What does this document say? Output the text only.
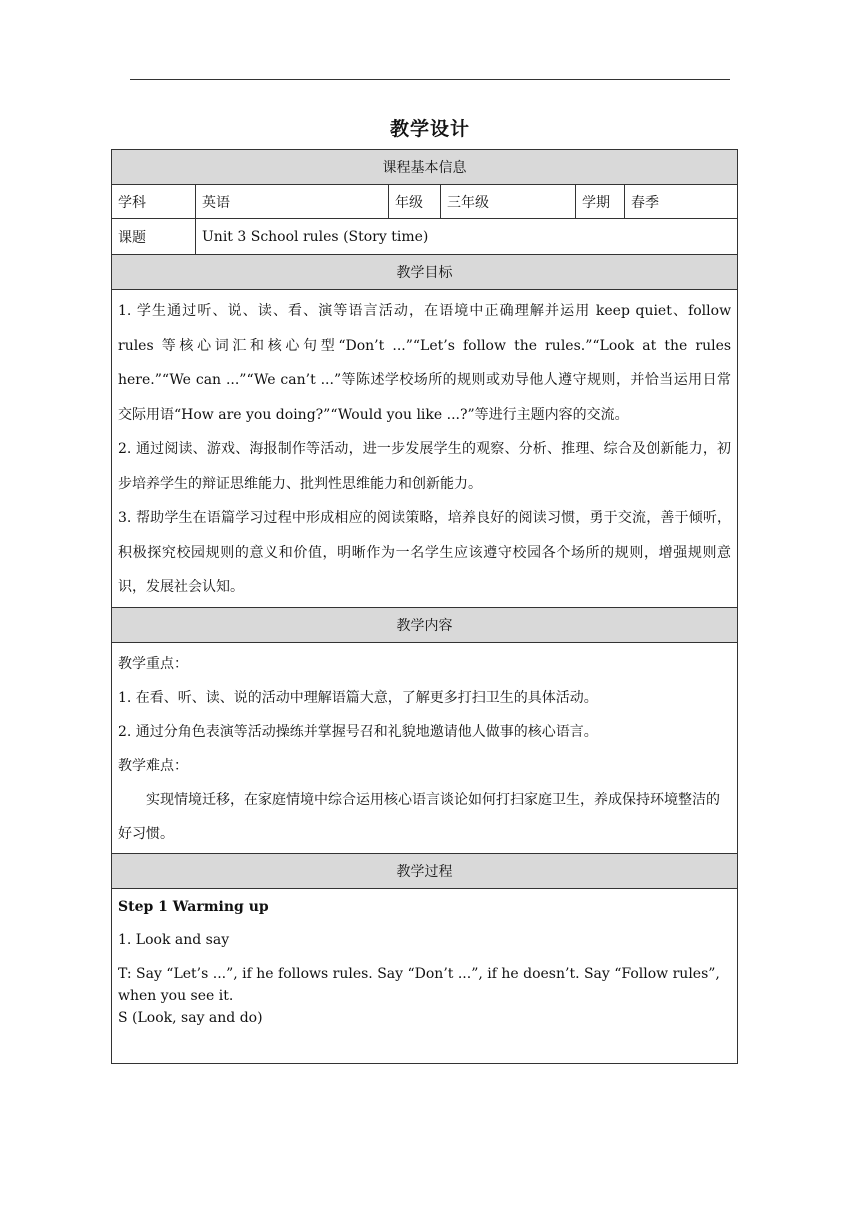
教学设计
课程基本信息					
学科	英语	年级	三年级	学期	春季
课题	Unit 3 School rules (Story time)				
教学目标					

1. 学生通过听、说、读、看、演等语言活动，在语境中正确理解并运用 keep quiet、follow rules 等核心词汇和核心句型“Don’t ...”“Let’s follow the rules.”“Look at the rules here.”“We can ...”“We can’t ...”等陈述学校场所的规则或劝导他人遵守规则，并恰当运用日常交际用语“How are you doing?”“Would you like ...?”等进行主题内容的交流。

2. 通过阅读、游戏、海报制作等活动，进一步发展学生的观察、分析、推理、综合及创新能力，初步培养学生的辩证思维能力、批判性思维能力和创新能力。

3. 帮助学生在语篇学习过程中形成相应的阅读策略，培养良好的阅读习惯，勇于交流，善于倾听，积极探究校园规则的意义和价值，明晰作为一名学生应该遵守校园各个场所的规则，增强规则意识，发展社会认知。					

教学内容					

教学重点：

1. 在看、听、读、说的活动中理解语篇大意，了解更多打扫卫生的具体活动。

2. 通过分角色表演等活动操练并掌握号召和礼貌地邀请他人做事的核心语言。

教学难点：

实现情境迁移，在家庭情境中综合运用核心语言谈论如何打扫家庭卫生，养成保持环境整洁的好习惯。					

教学过程					

Step 1 Warming up

1. Look and say

T: Say “Let’s ...”, if he follows rules. Say “Don’t ...”, if he doesn’t. Say “Follow rules”, when you see it.

S (Look, say and do)					
